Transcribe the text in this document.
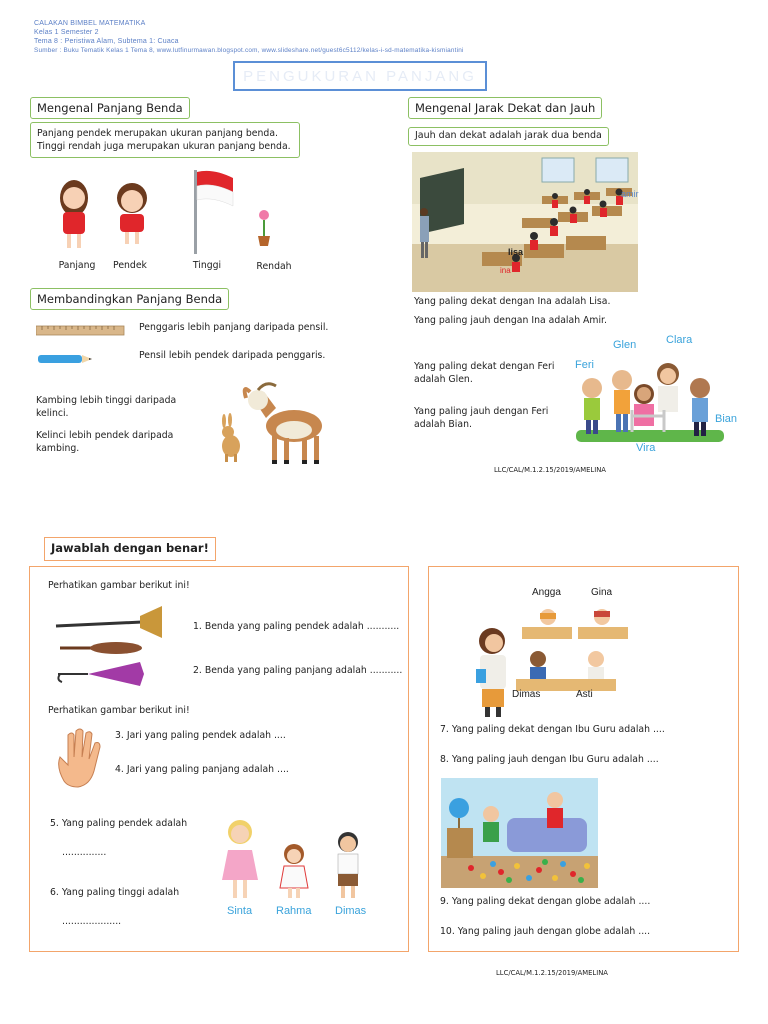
CALAKAN BIMBEL MATEMATIKA
Kelas 1 Semester 2
Tema 8 : Peristiwa Alam, Subtema 1: Cuaca
Sumber : Buku Tematik Kelas 1 Tema 8, www.lutfinurmawan.blogspot.com, www.slideshare.net/guest6c5112/kelas-i-sd-matematika-kismiantini
PENGUKURAN PANJANG
Mengenal Panjang Benda
Panjang pendek merupakan ukuran panjang benda.
Tinggi rendah juga merupakan ukuran panjang benda.
Panjang	Pendek	Tinggi	Rendah
Membandingkan Panjang Benda
Penggaris lebih panjang daripada pensil.
Pensil lebih pendek daripada penggaris.
Kambing lebih tinggi daripada kelinci.
Kelinci lebih pendek daripada kambing.
Mengenal Jarak Dekat dan Jauh
Jauh dan dekat adalah jarak dua benda
amir
lisa
ina
Yang paling dekat dengan Ina adalah Lisa.
Yang paling jauh dengan Ina adalah Amir.
Yang paling dekat dengan Feri adalah Glen.
Yang paling jauh dengan Feri adalah Bian.
Glen	Clara
Feri
Bian
Vira
LLC/CAL/M.1.2.15/2019/AMELINA
Jawablah dengan benar!
Perhatikan gambar berikut ini!
1. Benda yang paling pendek adalah ...........
2. Benda yang paling panjang adalah ...........
Perhatikan gambar berikut ini!
3. Jari yang paling pendek adalah ....
4. Jari yang paling panjang adalah ....
5. Yang paling pendek adalah
...............
6. Yang paling tinggi adalah
....................
Sinta Rahma Dimas
Angga	Gina
Dimas	Asti
7. Yang paling dekat dengan Ibu Guru adalah ....
8. Yang paling jauh dengan Ibu Guru adalah ....
9. Yang paling dekat dengan globe adalah ....
10. Yang paling jauh dengan globe adalah ....
LLC/CAL/M.1.2.15/2019/AMELINA
